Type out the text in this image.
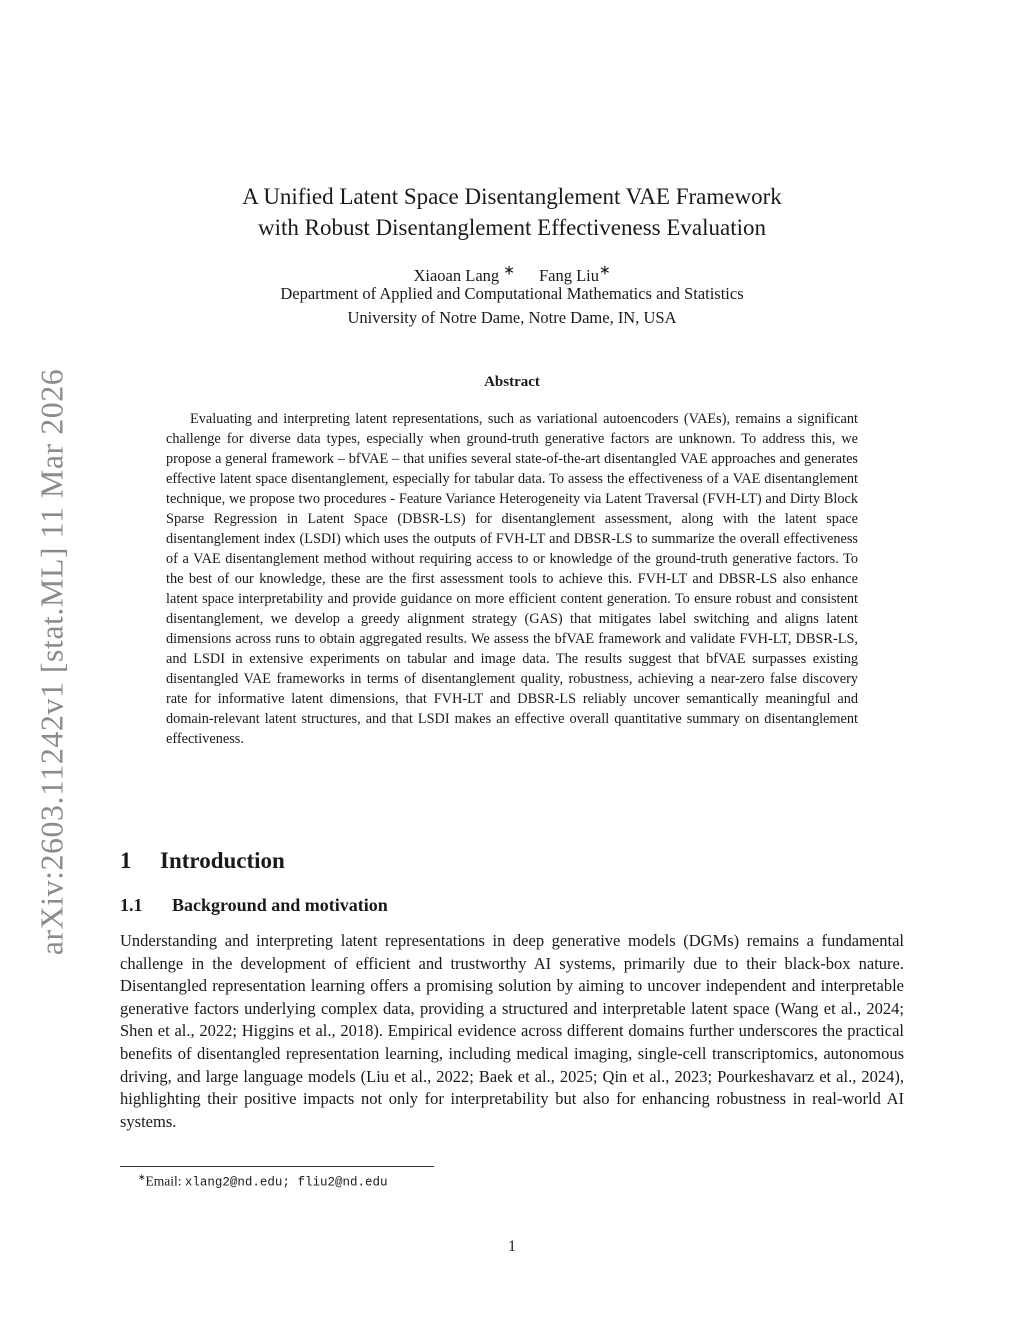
arXiv:2603.11242v1 [stat.ML] 11 Mar 2026
A Unified Latent Space Disentanglement VAE Framework
with Robust Disentanglement Effectiveness Evaluation
Xiaoan Lang ∗ Fang Liu∗
Department of Applied and Computational Mathematics and Statistics
University of Notre Dame, Notre Dame, IN, USA
Abstract

Evaluating and interpreting latent representations, such as variational autoencoders (VAEs), remains a significant challenge for diverse data types, especially when ground-truth generative factors are unknown. To address this, we propose a general framework – bfVAE – that unifies several state-of-the-art disentangled VAE approaches and generates effective latent space disentanglement, especially for tabular data. To assess the effectiveness of a VAE disentanglement technique, we propose two procedures - Feature Variance Heterogeneity via Latent Traversal (FVH-LT) and Dirty Block Sparse Regression in Latent Space (DBSR-LS) for disentanglement assessment, along with the latent space disentanglement index (LSDI) which uses the outputs of FVH-LT and DBSR-LS to summarize the overall effectiveness of a VAE disentanglement method without requiring access to or knowledge of the ground-truth generative factors. To the best of our knowledge, these are the first assessment tools to achieve this. FVH-LT and DBSR-LS also enhance latent space interpretability and provide guidance on more efficient content generation. To ensure robust and consistent disentanglement, we develop a greedy alignment strategy (GAS) that mitigates label switching and aligns latent dimensions across runs to obtain aggregated results. We assess the bfVAE framework and validate FVH-LT, DBSR-LS, and LSDI in extensive experiments on tabular and image data. The results suggest that bfVAE surpasses existing disentangled VAE frameworks in terms of disentanglement quality, robustness, achieving a near-zero false discovery rate for informative latent dimensions, that FVH-LT and DBSR-LS reliably uncover semantically meaningful and domain-relevant latent structures, and that LSDI makes an effective overall quantitative summary on disentanglement effectiveness.

1 Introduction
1.1 Background and motivation

Understanding and interpreting latent representations in deep generative models (DGMs) remains a fundamental challenge in the development of efficient and trustworthy AI systems, primarily due to their black-box nature. Disentangled representation learning offers a promising solution by aiming to uncover independent and interpretable generative factors underlying complex data, providing a structured and interpretable latent space (Wang et al., 2024; Shen et al., 2022; Higgins et al., 2018). Empirical evidence across different domains further underscores the practical benefits of disentangled representation learning, including medical imaging, single-cell transcriptomics, autonomous driving, and large language models (Liu et al., 2022; Baek et al., 2025; Qin et al., 2023; Pourkeshavarz et al., 2024), highlighting their positive impacts not only for interpretability but also for enhancing robustness in real-world AI systems.

∗Email: xlang2@nd.edu; fliu2@nd.edu
1
